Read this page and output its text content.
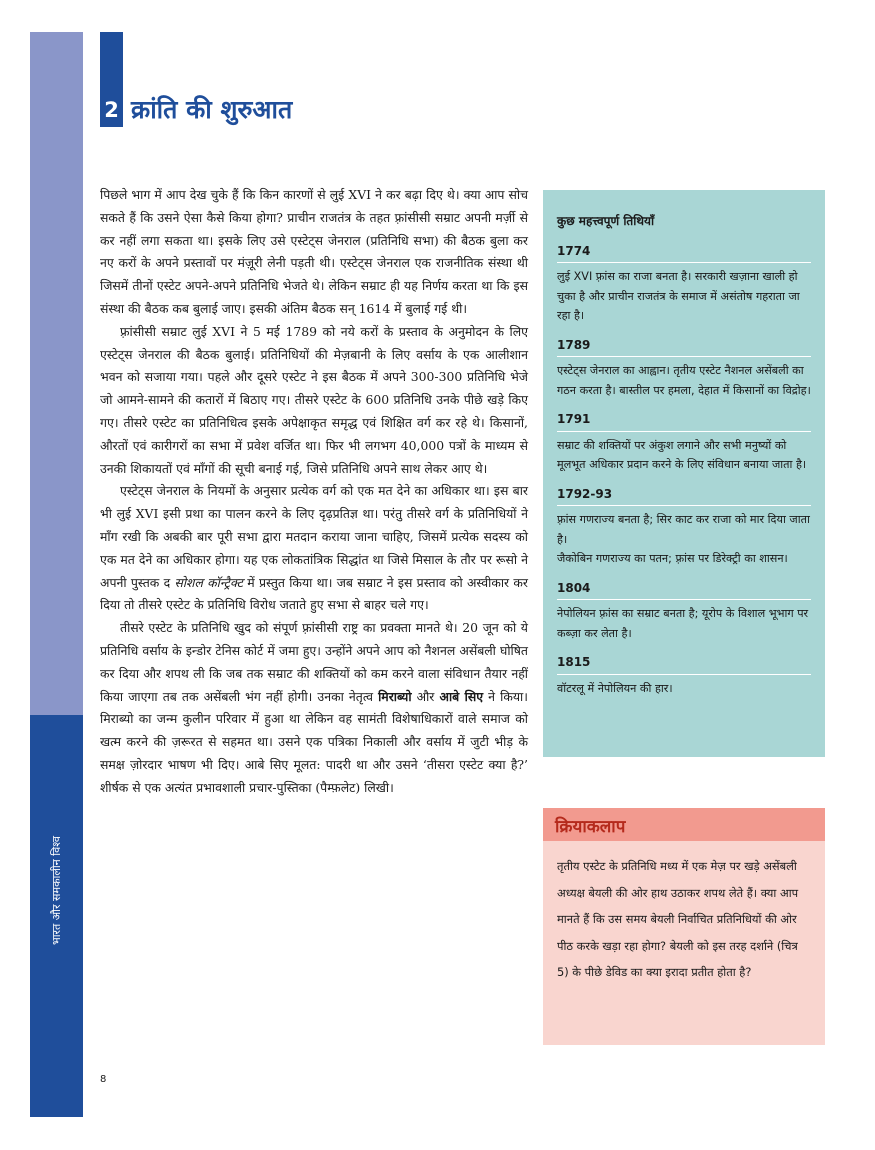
भारत और समकालीन विश्व
2 क्रांति की शुरुआत

पिछले भाग में आप देख चुके हैं कि किन कारणों से लुई XVI ने कर बढ़ा दिए थे। क्या आप सोच सकते हैं कि उसने ऐसा कैसे किया होगा? प्राचीन राजतंत्र के तहत फ़्रांसीसी सम्राट अपनी मर्ज़ी से कर नहीं लगा सकता था। इसके लिए उसे एस्टेट्स जेनराल (प्रतिनिधि सभा) की बैठक बुला कर नए करों के अपने प्रस्तावों पर मंज़ूरी लेनी पड़ती थी। एस्टेट्स जेनराल एक राजनीतिक संस्था थी जिसमें तीनों एस्टेट अपने-अपने प्रतिनिधि भेजते थे। लेकिन सम्राट ही यह निर्णय करता था कि इस संस्था की बैठक कब बुलाई जाए। इसकी अंतिम बैठक सन् 1614 में बुलाई गई थी।

फ़्रांसीसी सम्राट लुई XVI ने 5 मई 1789 को नये करों के प्रस्ताव के अनुमोदन के लिए एस्टेट्स जेनराल की बैठक बुलाई। प्रतिनिधियों की मेज़बानी के लिए वर्साय के एक आलीशान भवन को सजाया गया। पहले और दूसरे एस्टेट ने इस बैठक में अपने 300-300 प्रतिनिधि भेजे जो आमने-सामने की कतारों में बिठाए गए। तीसरे एस्टेट के 600 प्रतिनिधि उनके पीछे खड़े किए गए। तीसरे एस्टेट का प्रतिनिधित्व इसके अपेक्षाकृत समृद्ध एवं शिक्षित वर्ग कर रहे थे। किसानों, औरतों एवं कारीगरों का सभा में प्रवेश वर्जित था। फिर भी लगभग 40,000 पत्रों के माध्यम से उनकी शिकायतों एवं माँगों की सूची बनाई गई, जिसे प्रतिनिधि अपने साथ लेकर आए थे।

एस्टेट्स जेनराल के नियमों के अनुसार प्रत्येक वर्ग को एक मत देने का अधिकार था। इस बार भी लुई XVI इसी प्रथा का पालन करने के लिए दृढ़प्रतिज्ञ था। परंतु तीसरे वर्ग के प्रतिनिधियों ने माँग रखी कि अबकी बार पूरी सभा द्वारा मतदान कराया जाना चाहिए, जिसमें प्रत्येक सदस्य को एक मत देने का अधिकार होगा। यह एक लोकतांत्रिक सिद्धांत था जिसे मिसाल के तौर पर रूसो ने अपनी पुस्तक द सोशल कॉन्ट्रैक्ट में प्रस्तुत किया था। जब सम्राट ने इस प्रस्ताव को अस्वीकार कर दिया तो तीसरे एस्टेट के प्रतिनिधि विरोध जताते हुए सभा से बाहर चले गए।

तीसरे एस्टेट के प्रतिनिधि खुद को संपूर्ण फ़्रांसीसी राष्ट्र का प्रवक्ता मानते थे। 20 जून को ये प्रतिनिधि वर्साय के इन्डोर टेनिस कोर्ट में जमा हुए। उन्होंने अपने आप को नैशनल असेंबली घोषित कर दिया और शपथ ली कि जब तक सम्राट की शक्तियों को कम करने वाला संविधान तैयार नहीं किया जाएगा तब तक असेंबली भंग नहीं होगी। उनका नेतृत्व मिराब्यो और आबे सिए ने किया। मिराब्यो का जन्म कुलीन परिवार में हुआ था लेकिन वह सामंती विशेषाधिकारों वाले समाज को खत्म करने की ज़रूरत से सहमत था। उसने एक पत्रिका निकाली और वर्साय में जुटी भीड़ के समक्ष ज़ोरदार भाषण भी दिए। आबे सिए मूलत: पादरी था और उसने ‘तीसरा एस्टेट क्या है?’ शीर्षक से एक अत्यंत प्रभावशाली प्रचार-पुस्तिका (पैम्फ़लेट) लिखी।

कुछ महत्त्वपूर्ण तिथियाँ
1774
लुई XVI फ़्रांस का राजा बनता है। सरकारी खज़ाना खाली हो चुका है और प्राचीन राजतंत्र के समाज में असंतोष गहराता जा रहा है।
1789
एस्टेट्स जेनराल का आह्वान। तृतीय एस्टेट नैशनल असेंबली का गठन करता है। बास्तील पर हमला, देहात में किसानों का विद्रोह।
1791
सम्राट की शक्तियों पर अंकुश लगाने और सभी मनुष्यों को मूलभूत अधिकार प्रदान करने के लिए संविधान बनाया जाता है।
1792-93
फ़्रांस गणराज्य बनता है; सिर काट कर राजा को मार दिया जाता है।
जैकोबिन गणराज्य का पतन; फ़्रांस पर डिरेक्ट्री का शासन।
1804
नेपोलियन फ़्रांस का सम्राट बनता है; यूरोप के विशाल भूभाग पर कब्ज़ा कर लेता है।
1815
वॉटरलू में नेपोलियन की हार।
क्रियाकलाप
तृतीय एस्टेट के प्रतिनिधि मध्य में एक मेज़ पर खड़े असेंबली अध्यक्ष बेयली की ओर हाथ उठाकर शपथ लेते हैं। क्या आप मानते हैं कि उस समय बेयली निर्वाचित प्रतिनिधियों की ओर पीठ करके खड़ा रहा होगा? बेयली को इस तरह दर्शाने (चित्र 5) के पीछे डेविड का क्या इरादा प्रतीत होता है?
8
